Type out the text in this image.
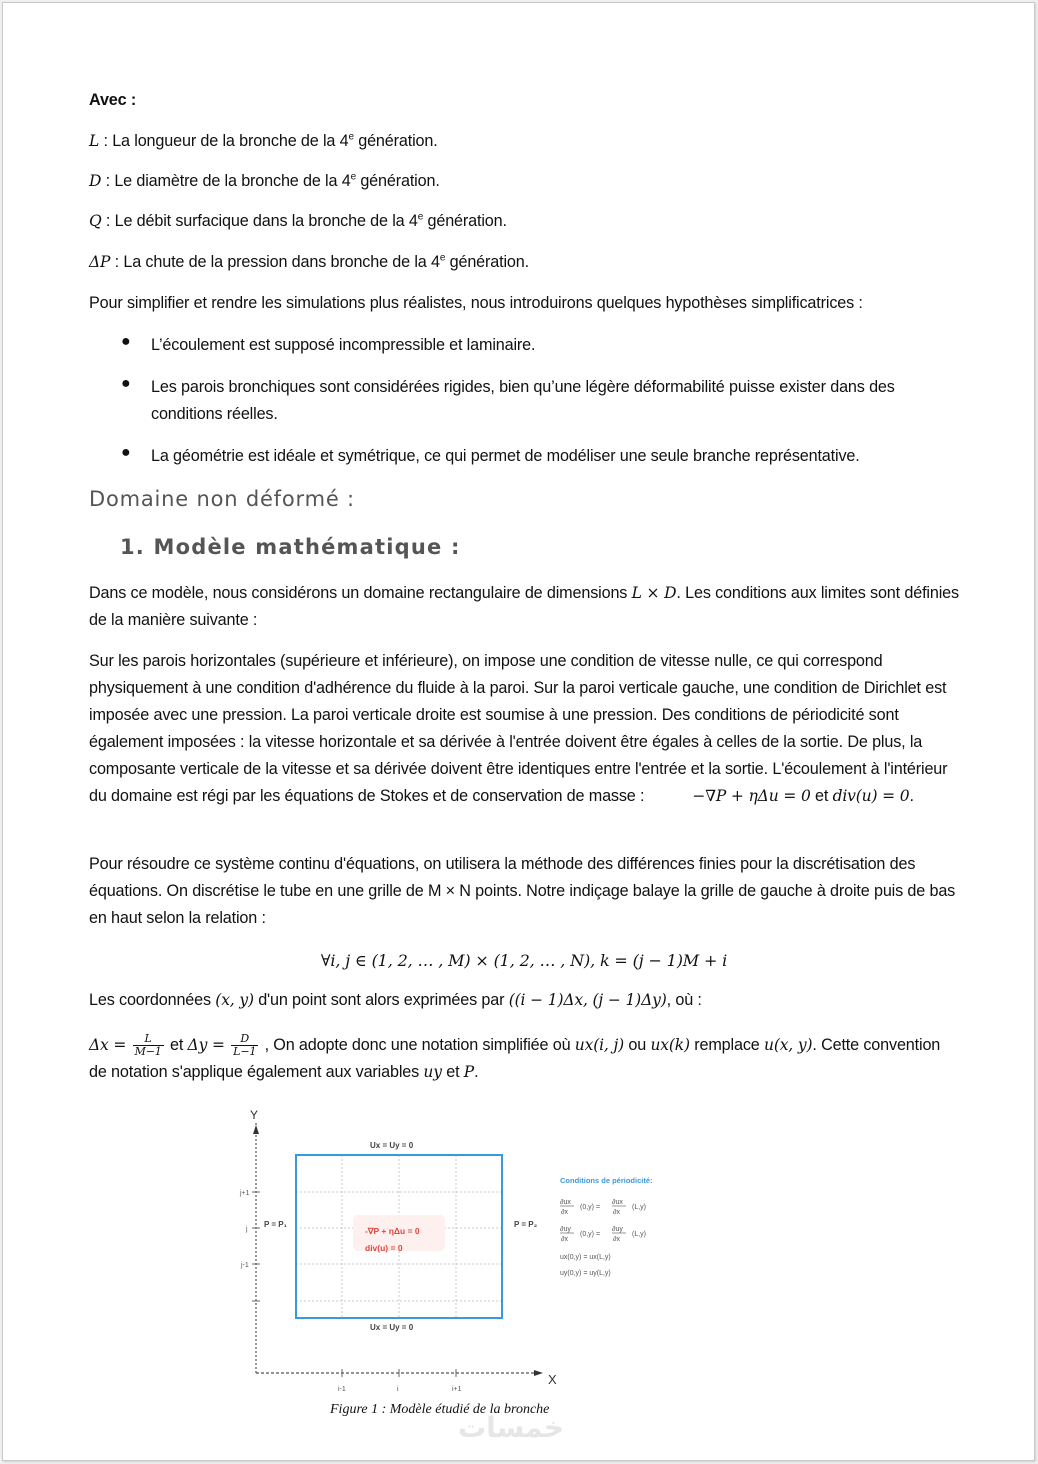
Avec :

L : La longueur de la bronche de la 4e génération.

D : Le diamètre de la bronche de la 4e génération.

Q : Le débit surfacique dans la bronche de la 4e génération.

ΔP : La chute de la pression dans bronche de la 4e génération.

Pour simplifier et rendre les simulations plus réalistes, nous introduirons quelques hypothèses simplificatrices :

● L’écoulement est supposé incompressible et laminaire.

● Les parois bronchiques sont considérées rigides, bien qu’une légère déformabilité puisse exister dans des conditions réelles.

● La géométrie est idéale et symétrique, ce qui permet de modéliser une seule branche représentative.

Domaine non déformé :
1. Modèle mathématique :

Dans ce modèle, nous considérons un domaine rectangulaire de dimensions L × D. Les conditions aux limites sont définies de la manière suivante :

Sur les parois horizontales (supérieure et inférieure), on impose une condition de vitesse nulle, ce qui correspond physiquement à une condition d'adhérence du fluide à la paroi. Sur la paroi verticale gauche, une condition de Dirichlet est imposée avec une pression. La paroi verticale droite est soumise à une pression. Des conditions de périodicité sont également imposées : la vitesse horizontale et sa dérivée à l'entrée doivent être égales à celles de la sortie. De plus, la composante verticale de la vitesse et sa dérivée doivent être identiques entre l'entrée et la sortie. L'écoulement à l'intérieur du domaine est régi par les équations de Stokes et de conservation de masse :	−∇P + ηΔu = 0 et div(u) = 0.

Pour résoudre ce système continu d'équations, on utilisera la méthode des différences finies pour la discrétisation des équations. On discrétise le tube en une grille de M × N points. Notre indiçage balaye la grille de gauche à droite puis de bas en haut selon la relation :

∀i, j ∈ (1, 2, … , M) × (1, 2, … , N), k = (j − 1)M + i

Les coordonnées (x, y) d'un point sont alors exprimées par ((i − 1)Δx, (j − 1)Δy), où :

$\Delta x = \frac{L}{M-1}$ et $\Delta y = \frac{D}{L-1}$ , On adopte donc une notation simplifiée où ux(i, j) ou ux(k) remplace u(x, y). Cette convention de notation s'applique également aux variables uy et P.

Y
X
j+1
j
j-1
i-1	i	i+1
-∇P + ηΔu = 0
div(u) = 0
Ux = Uy = 0
Ux = Uy = 0
P = P₁	P = P₂
Conditions de périodicité:
∂ux
∂x
(0,y) =
∂ux
∂x
(L,y)
∂uy
∂x
(0,y) =
∂uy
∂x
(L,y)
ux(0,y) = ux(L,y)
uy(0,y) = uy(L,y)
Figure 1 : Modèle étudié de la bronche
خمسات
